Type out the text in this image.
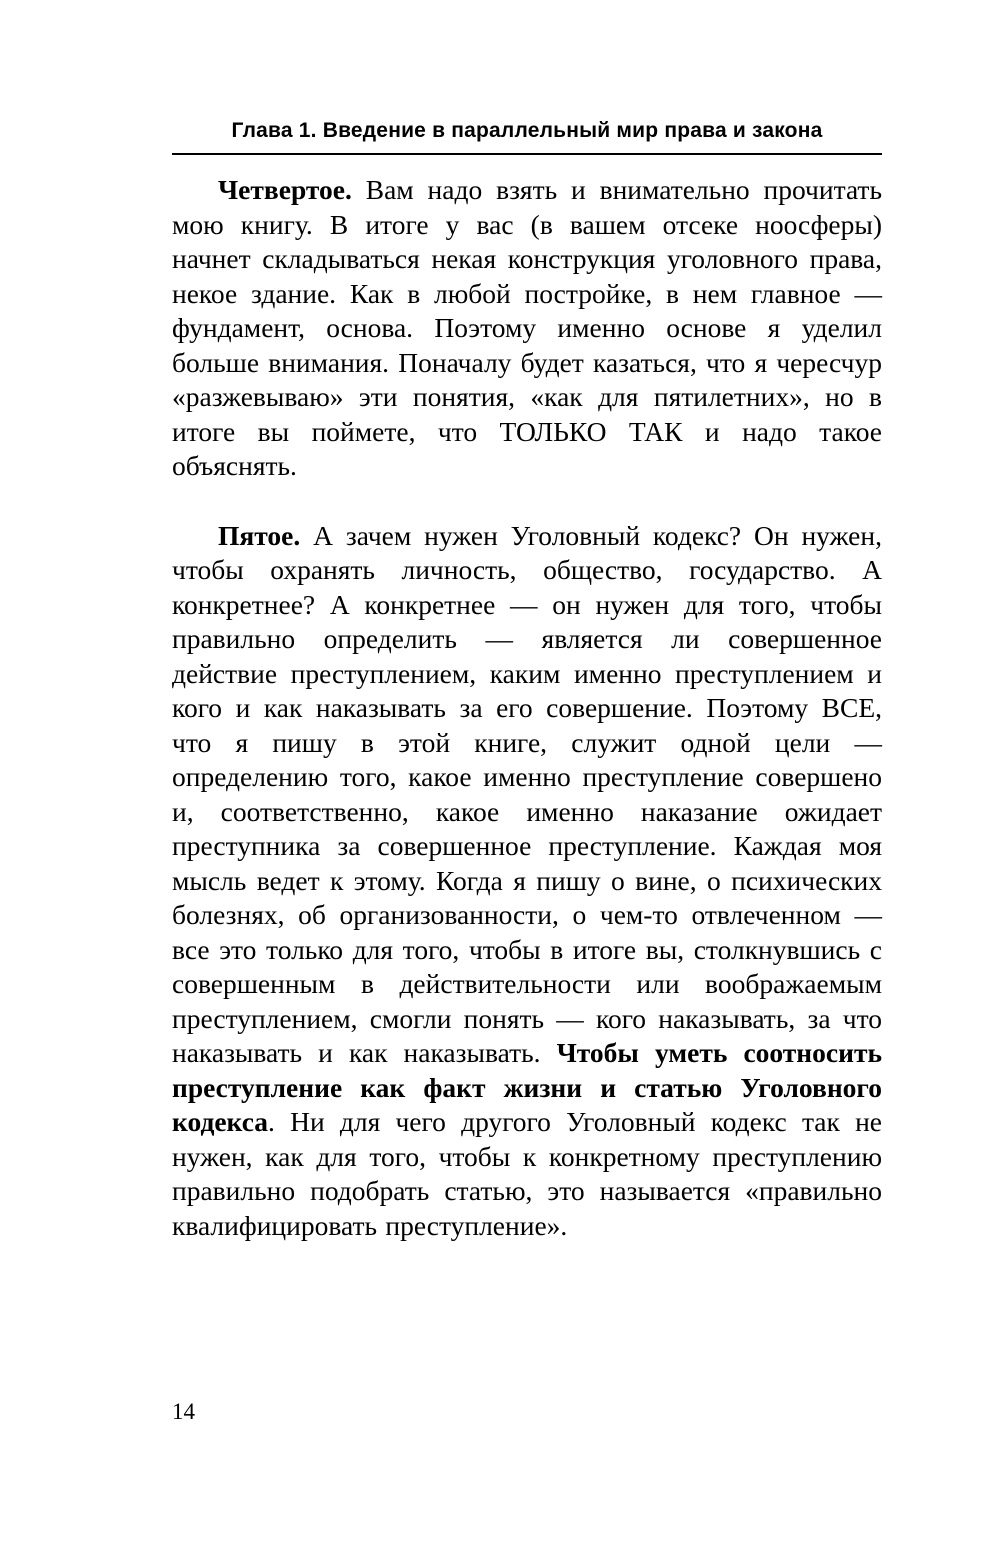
Глава 1. Введение в параллельный мир права и закона

Четвертое. Вам надо взять и внимательно прочитать мою книгу. В итоге у вас (в вашем отсеке ноосферы) начнет складываться некая конструкция уголовного права, некое здание. Как в любой постройке, в нем главное — фундамент, основа. Поэтому именно основе я уделил больше внимания. Поначалу будет казаться, что я чересчур «разжевываю» эти понятия, «как для пятилетних», но в итоге вы поймете, что ТОЛЬКО ТАК и надо такое объяснять.

Пятое. А зачем нужен Уголовный кодекс? Он нужен, чтобы охранять личность, общество, государство. А конкретнее? А конкретнее — он нужен для того, чтобы правильно определить — является ли совершенное действие преступлением, каким именно преступлением и кого и как наказывать за его совершение. Поэтому ВСЕ, что я пишу в этой книге, служит одной цели — определению того, какое именно преступление совершено и, соответственно, какое именно наказание ожидает преступника за совершенное преступление. Каждая моя мысль ведет к этому. Когда я пишу о вине, о психических болезнях, об организованности, о чем-то отвлеченном — все это только для того, чтобы в итоге вы, столкнувшись с совершенным в действительности или воображаемым преступлением, смогли понять — кого наказывать, за что наказывать и как наказывать. Чтобы уметь соотносить преступление как факт жизни и статью Уголовного кодекса. Ни для чего другого Уголовный кодекс так не нужен, как для того, чтобы к конкретному преступлению правильно подобрать статью, это называется «правильно квалифицировать преступление».

14
